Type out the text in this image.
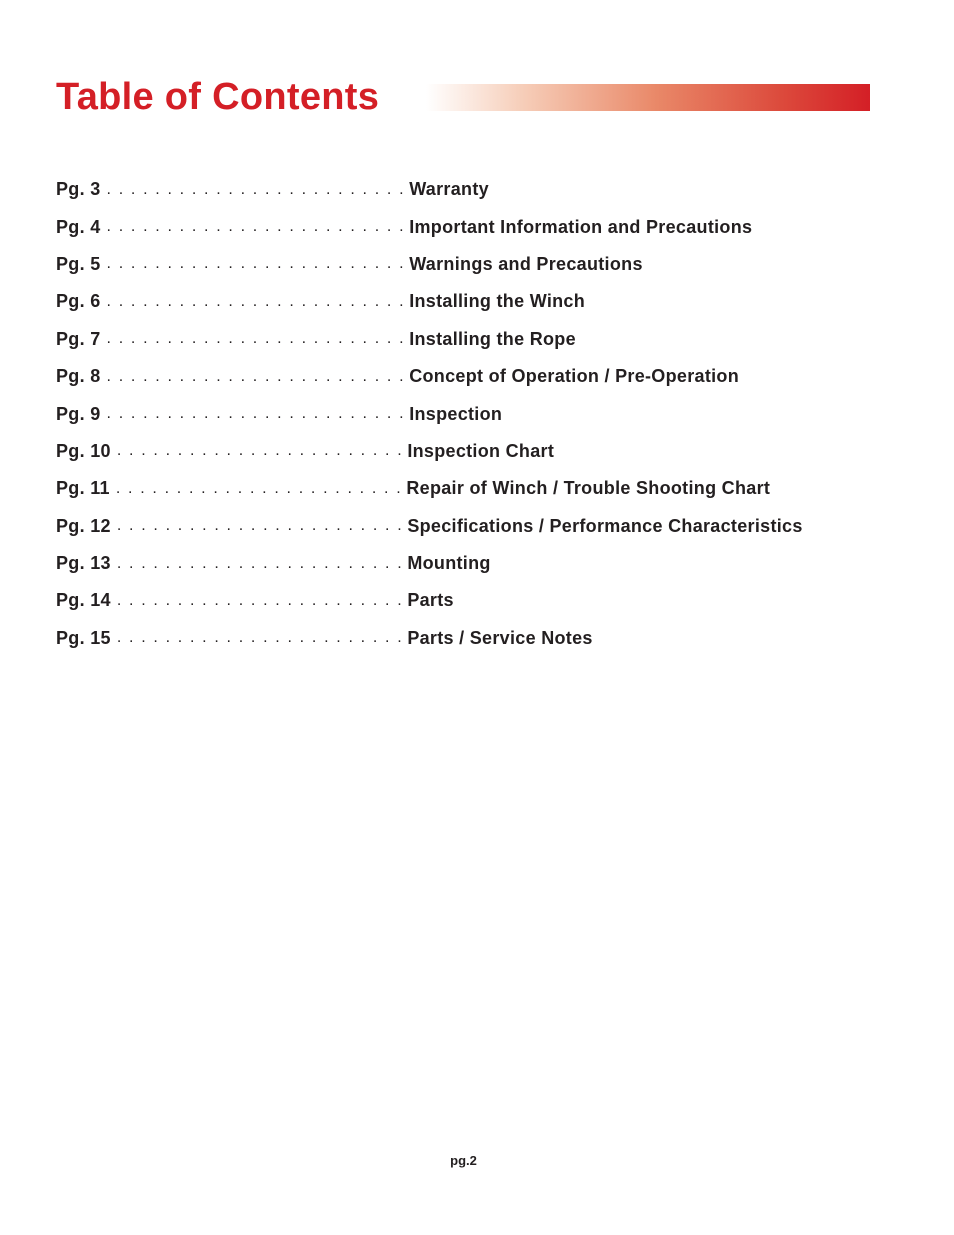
Table of Contents
Pg. 3 . . . . . . . . . . . . . . . . . . . . . . . . . Warranty
Pg. 4 . . . . . . . . . . . . . . . . . . . . . . . . . Important Information and Precautions
Pg. 5 . . . . . . . . . . . . . . . . . . . . . . . . . Warnings and Precautions
Pg. 6 . . . . . . . . . . . . . . . . . . . . . . . . . Installing the Winch
Pg. 7 . . . . . . . . . . . . . . . . . . . . . . . . . Installing the Rope
Pg. 8 . . . . . . . . . . . . . . . . . . . . . . . . . Concept of Operation / Pre-Operation
Pg. 9 . . . . . . . . . . . . . . . . . . . . . . . . . Inspection
Pg. 10 . . . . . . . . . . . . . . . . . . . . . . . . Inspection Chart
Pg. 11 . . . . . . . . . . . . . . . . . . . . . . . . Repair of Winch / Trouble Shooting Chart
Pg. 12 . . . . . . . . . . . . . . . . . . . . . . . . Specifications / Performance Characteristics
Pg. 13 . . . . . . . . . . . . . . . . . . . . . . . . Mounting
Pg. 14 . . . . . . . . . . . . . . . . . . . . . . . . Parts
Pg. 15 . . . . . . . . . . . . . . . . . . . . . . . . Parts / Service Notes
pg.2
